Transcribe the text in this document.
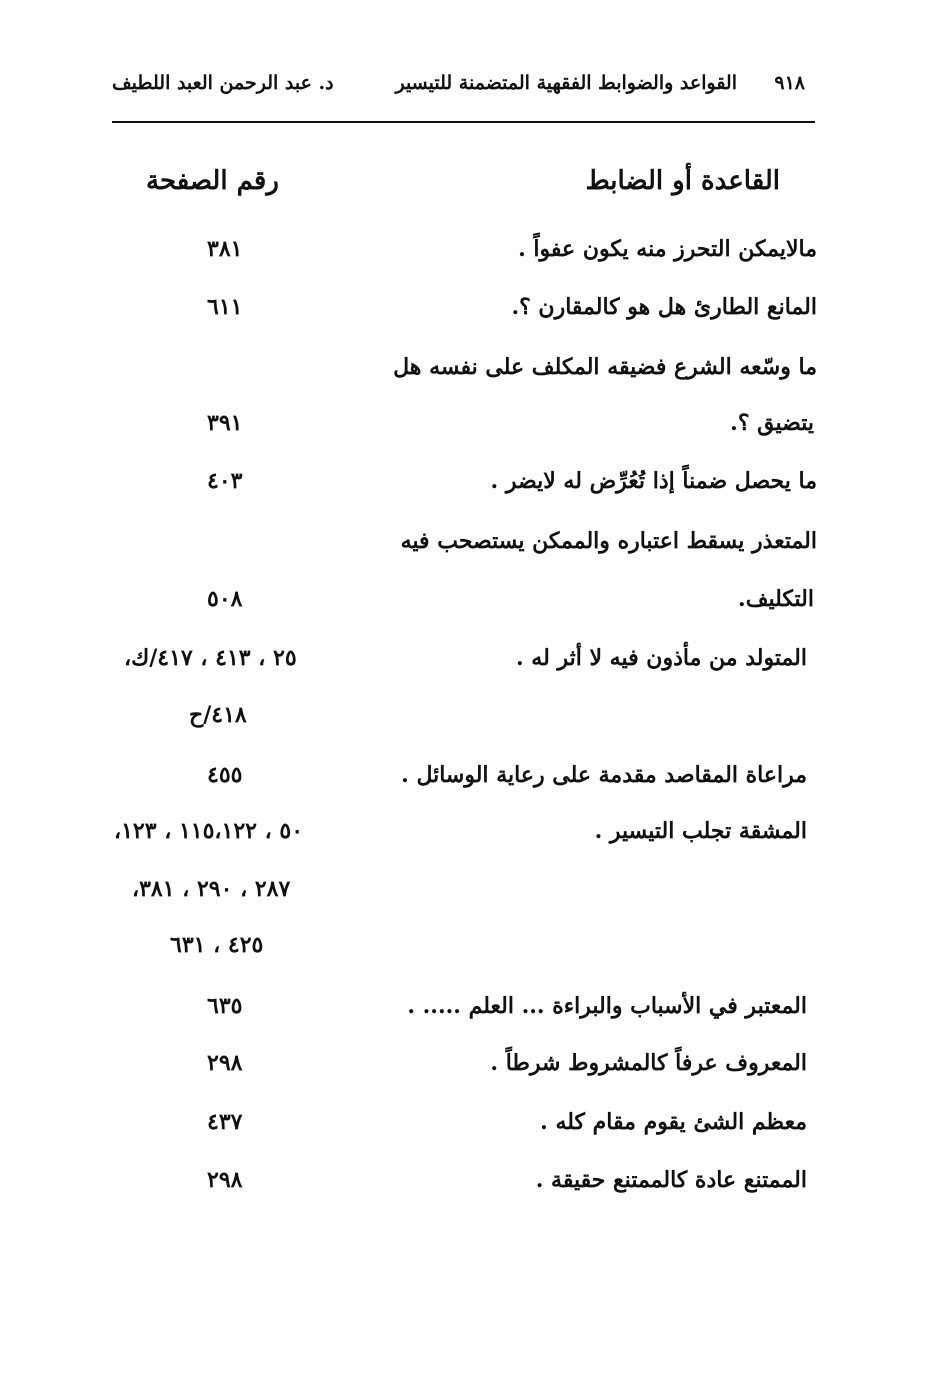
٩١٨
القواعد والضوابط الفقهية المتضمنة للتيسير
د. عبد الرحمن العبد اللطيف
القاعدة أو الضابط
رقم الصفحة
مالايمكن التحرز منه يكون عفواً .
٣٨١
المانع الطارئ هل هو كالمقارن ؟.
٦١١
ما وسّعه الشرع فضيقه المكلف على نفسه هل
يتضيق ؟.
٣٩١
ما يحصل ضمناً إذا تُعُرِّض له لايضر .
٤٠٣
المتعذر يسقط اعتباره والممكن يستصحب فيه
التكليف.
٥٠٨
المتولد من مأذون فيه لا أثر له .
٢٥ ، ٤١٣ ، ٤١٧/ك،
٤١٨/ح
مراعاة المقاصد مقدمة على رعاية الوسائل .
٤٥٥
المشقة تجلب التيسير .
٥٠ ، ١١٥،١٢٢ ، ١٢٣،
٢٨٧ ، ٢٩٠ ، ٣٨١،
٤٢٥ ، ٦٣١
المعتبر في الأسباب والبراءة ... العلم ..... .
٦٣٥
المعروف عرفاً كالمشروط شرطاً .
٢٩٨
معظم الشئ يقوم مقام كله .
٤٣٧
الممتنع عادة كالممتنع حقيقة .
٢٩٨
